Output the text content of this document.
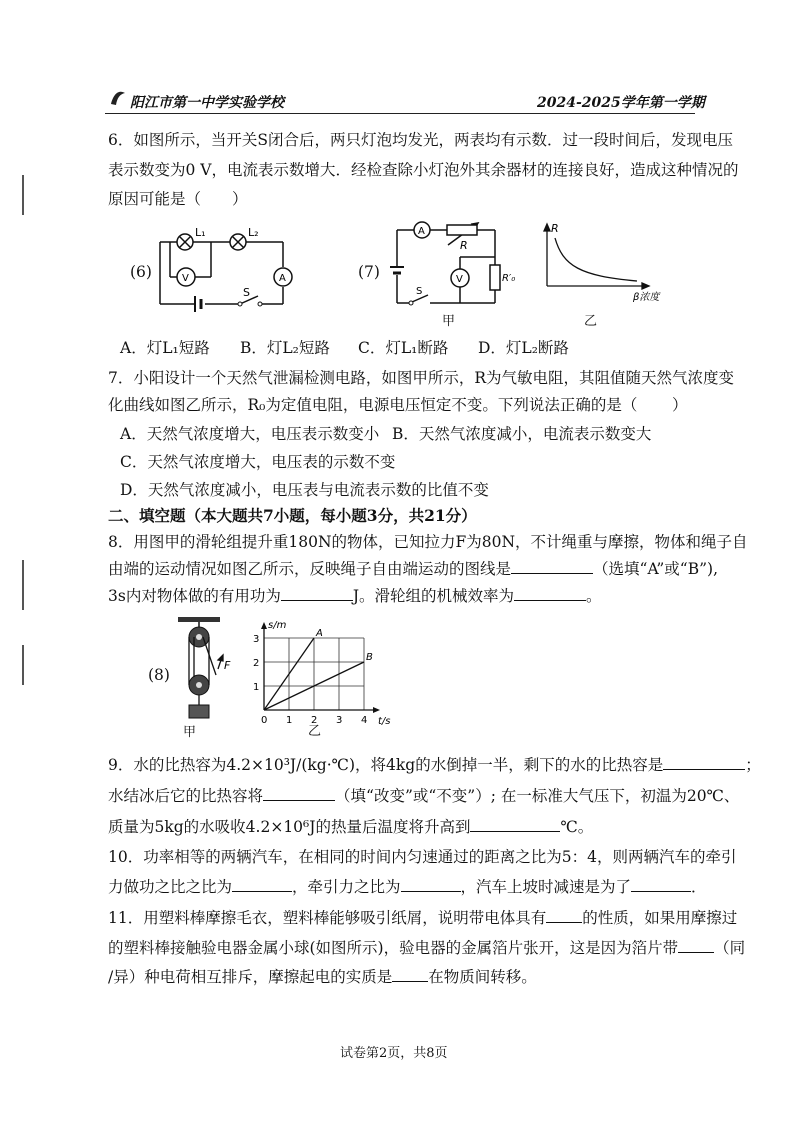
阳江市第一中学实验学校	2024-2025学年第一学期
6．如图所示，当开关S闭合后，两只灯泡均发光，两表均有示数．过一段时间后，发现电压
表示数变为0 V，电流表示数增大．经检查除小灯泡外其余器材的连接良好，造成这种情况的
原因可能是（　　）
(6)
L₁	L₂
V	A
S
(7)
A
V
R
R′₀
S
甲
R
β浓度
乙
A．灯L₁短路 B．灯L₂短路 C．灯L₁断路 D．灯L₂断路
7．小阳设计一个天然气泄漏检测电路，如图甲所示，R为气敏电阻，其阻值随天然气浓度变
化曲线如图乙所示，R₀为定值电阻，电源电压恒定不变。下列说法正确的是（ ）
A．天然气浓度增大，电压表示数变小 B．天然气浓度减小，电流表示数变大
C．天然气浓度增大，电压表的示数不变
D．天然气浓度减小，电压表与电流表示数的比值不变
二、填空题（本大题共7小题，每小题3分，共21分）
8．用图甲的滑轮组提升重180N的物体，已知拉力F为80N，不计绳重与摩擦，物体和绳子自
由端的运动情况如图乙所示，反映绳子自由端运动的图线是	（选填“A”或“B”),
3s内对物体做的有用功为	J。滑轮组的机械效率为	。
(8)
F
甲
A
B
0 1 2 3 4
1
2
3
s/m
t/s
乙
9．水的比热容为4.2×10³J/(kg·℃)，将4kg的水倒掉一半，剩下的水的比热容是	；
水结冰后它的比热容将	（填“改变”或“不变”）; 在一标准大气压下，初温为20℃、
质量为5kg的水吸收4.2×10⁶J的热量后温度将升高到	℃。
10．功率相等的两辆汽车，在相同的时间内匀速通过的距离之比为5：4，则两辆汽车的牵引
力做功之比之比为	，牵引力之比为	，汽车上坡时减速是为了	．
11．用塑料棒摩擦毛衣，塑料棒能够吸引纸屑，说明带电体具有 的性质，如果用摩擦过
的塑料棒接触验电器金属小球(如图所示)，验电器的金属箔片张开，这是因为箔片带 （同
/异）种电荷相互排斥，摩擦起电的实质是 在物质间转移。
试卷第2页，共8页
